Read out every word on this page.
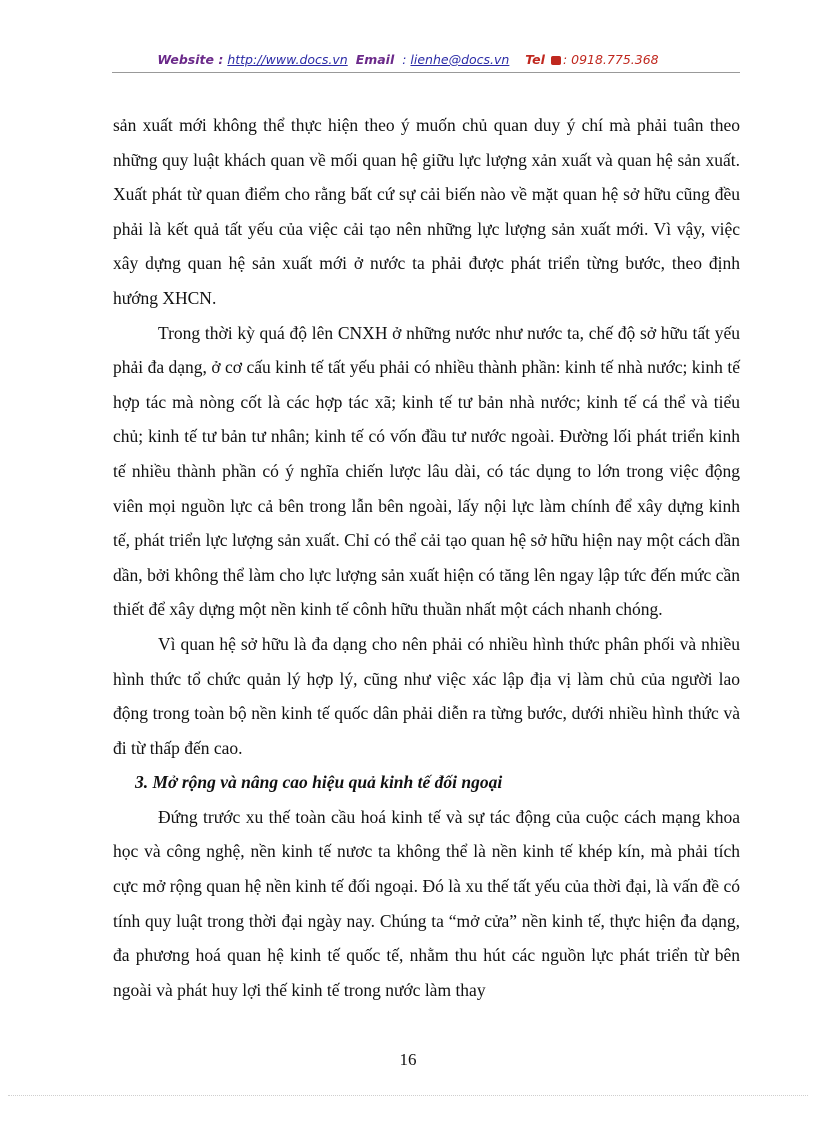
Website : http://www.docs.vn Email  : lienhe@docs.vn Tel : 0918.775.368

sản xuất mới không thể thực hiện theo ý muốn chủ quan duy ý chí mà phải tuân theo những quy luật khách quan về mối quan hệ giữu lực lượng xản xuất và quan hệ sản xuất. Xuất phát từ quan điểm cho rằng bất cứ sự cải biến nào về mặt quan hệ sở hữu cũng đều phải là kết quả tất yếu của việc cải tạo nên những lực lượng sản xuất mới. Vì vậy, việc xây dựng quan hệ sản xuất mới ở nước ta phải được phát triển từng bước, theo định hướng XHCN.

Trong thời kỳ quá độ lên CNXH ở những nước như nước ta, chế độ sở hữu tất yếu phải đa dạng, ở cơ cấu kinh tế tất yếu phải có nhiều thành phần: kinh tế nhà nước; kinh tế hợp tác mà nòng cốt là các hợp tác xã; kinh tế tư bản nhà nước; kinh tế cá thể và tiểu chủ; kinh tế tư bản tư nhân; kinh tế có vốn đầu tư nước ngoài. Đường lối phát triển kinh tế nhiều thành phần có ý nghĩa chiến lược lâu dài, có tác dụng to lớn trong việc động viên mọi nguồn lực cả bên trong lẫn bên ngoài, lấy nội lực làm chính để xây dựng kinh tế, phát triển lực lượng sản xuất. Chỉ có thể cải tạo quan hệ sở hữu hiện nay một cách dần dần, bởi không thể làm cho lực lượng sản xuất hiện có tăng lên ngay lập tức đến mức cần thiết để xây dựng một nền kinh tế cônh hữu thuần nhất một cách nhanh chóng.

Vì quan hệ sở hữu là đa dạng cho nên phải có nhiều hình thức phân phối và nhiều hình thức tổ chức quản lý hợp lý, cũng như việc xác lập địa vị làm chủ của người lao động trong toàn bộ nền kinh tế quốc dân phải diễn ra từng bước, dưới nhiều hình thức và đi từ thấp đến cao.

3. Mở rộng và nâng cao hiệu quả kinh tế đối ngoại

Đứng trước xu thế toàn cầu hoá kinh tế và sự tác động của cuộc cách mạng khoa học và công nghệ, nền kinh tế nươc ta không thể là nền kinh tế khép kín, mà phải tích cực mở rộng quan hệ nền kinh tế đối ngoại. Đó là xu thế tất yếu của thời đại, là vấn đề có tính quy luật trong thời đại ngày nay. Chúng ta “mở cửa” nền kinh tế, thực hiện đa dạng, đa phương hoá quan hệ kinh tế quốc tế, nhằm thu hút các nguồn lực phát triển từ bên ngoài và phát huy lợi thế kinh tế trong nước làm thay

16
